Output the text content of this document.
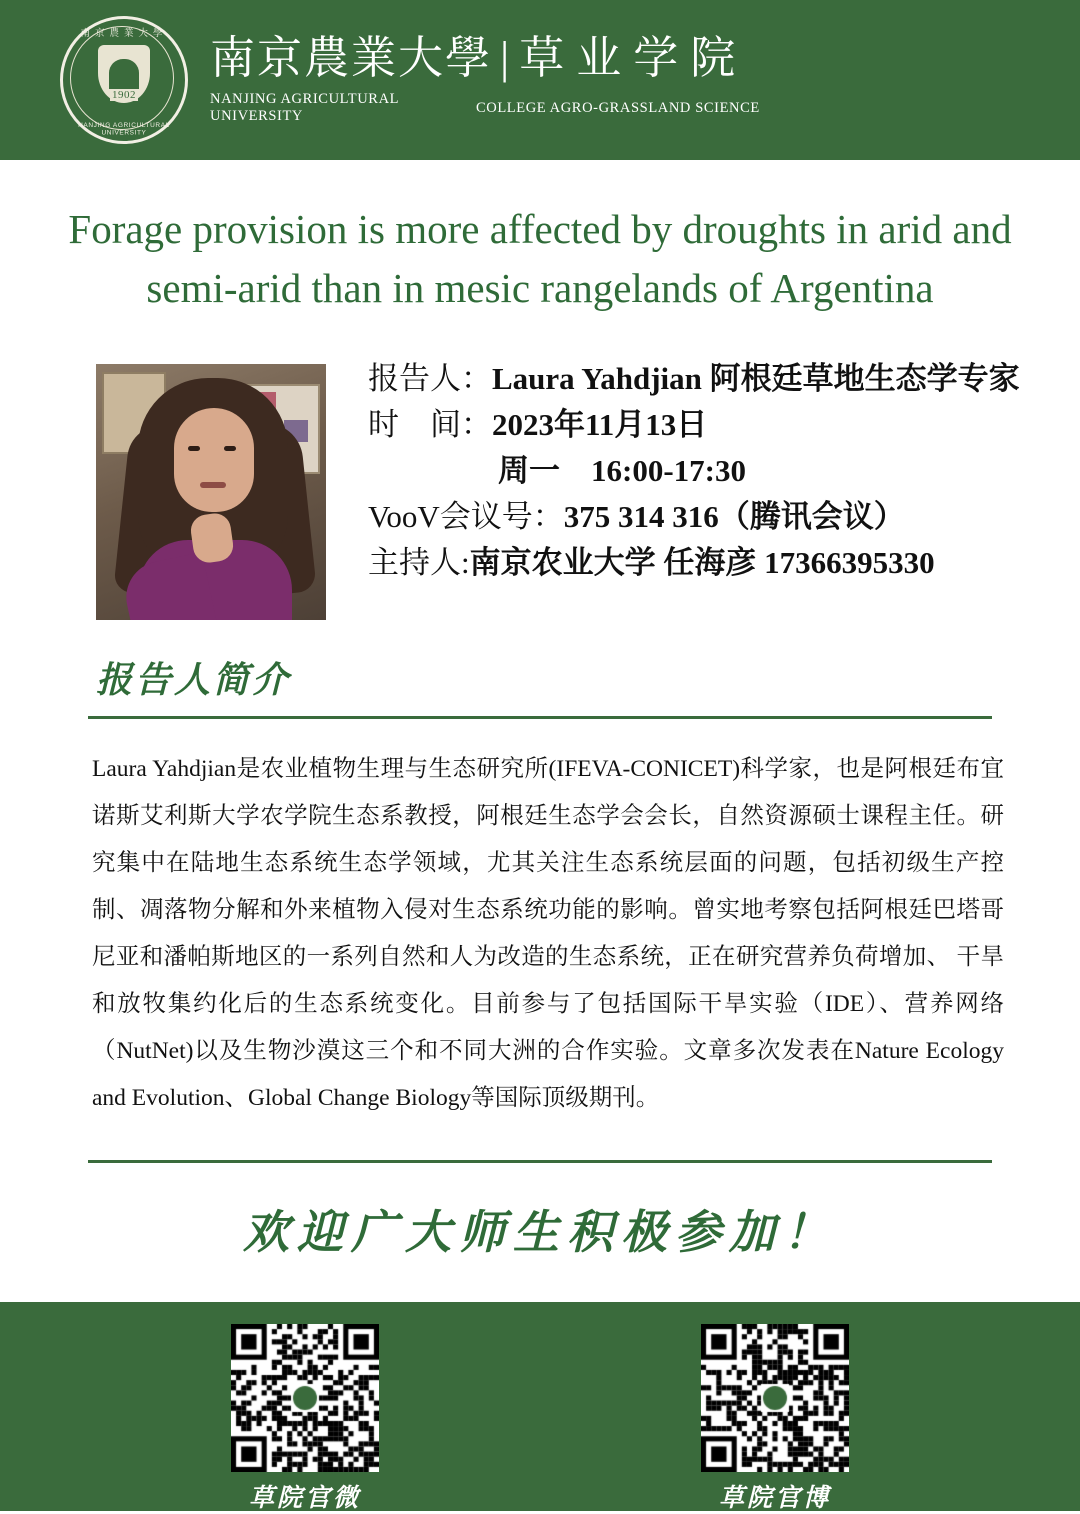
南京農業大學
1902
NANJING AGRICULTURAL UNIVERSITY
南京農業大學 | 草业学院
NANJING AGRICULTURAL UNIVERSITY
COLLEGE AGRO-GRASSLAND SCIENCE
Forage provision is more affected by droughts in arid and
semi-arid than in mesic rangelands of Argentina
报告人：Laura Yahdjian 阿根廷草地生态学专家
时　间：2023年11月13日
周一　16:00-17:30
VooV会议号：375 314 316（腾讯会议）
主持人:南京农业大学 任海彦 17366395330
报告人简介
Laura Yahdjian是农业植物生理与生态研究所(IFEVA-CONICET)科学家，也是阿根廷布宜诺斯艾利斯大学农学院生态系教授，阿根廷生态学会会长，自然资源硕士课程主任。研究集中在陆地生态系统生态学领域，尤其关注生态系统层面的问题，包括初级生产控制、凋落物分解和外来植物入侵对生态系统功能的影响。曾实地考察包括阿根廷巴塔哥尼亚和潘帕斯地区的一系列自然和人为改造的生态系统，正在研究营养负荷增加、 干旱和放牧集约化后的生态系统变化。目前参与了包括国际干旱实验（IDE）、营养网络（NutNet)以及生物沙漠这三个和不同大洲的合作实验。文章多次发表在Nature Ecology and Evolution、Global Change Biology等国际顶级期刊。
欢迎广大师生积极参加！
草院官微	草院官博
